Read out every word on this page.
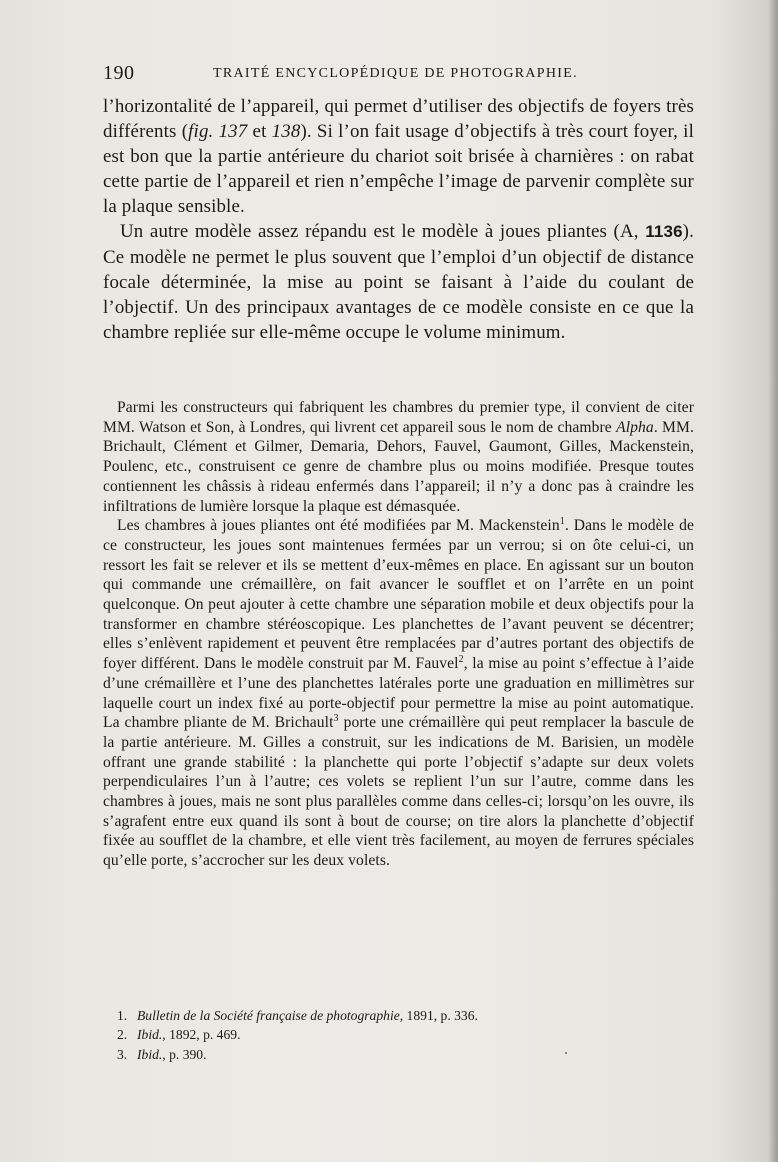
190	TRAITÉ ENCYCLOPÉDIQUE DE PHOTOGRAPHIE.

l’horizontalité de l’appareil, qui permet d’utiliser des objectifs de foyers très différents (fig. 137 et 138). Si l’on fait usage d’objectifs à très court foyer, il est bon que la partie antérieure du chariot soit brisée à charnières : on rabat cette partie de l’appareil et rien n’empêche l’image de parvenir complète sur la plaque sensible.

Un autre modèle assez répandu est le modèle à joues pliantes (A, 1136). Ce modèle ne permet le plus souvent que l’emploi d’un objectif de distance focale déterminée, la mise au point se faisant à l’aide du coulant de l’objectif. Un des principaux avantages de ce modèle consiste en ce que la chambre repliée sur elle-même occupe le volume minimum.

Parmi les constructeurs qui fabriquent les chambres du premier type, il convient de citer MM. Watson et Son, à Londres, qui livrent cet appareil sous le nom de chambre Alpha. MM. Brichault, Clément et Gilmer, Demaria, Dehors, Fauvel, Gaumont, Gilles, Mackenstein, Poulenc, etc., construisent ce genre de chambre plus ou moins modifiée. Presque toutes contiennent les châssis à rideau enfermés dans l’appareil; il n’y a donc pas à craindre les infiltrations de lumière lorsque la plaque est démasquée.

Les chambres à joues pliantes ont été modifiées par M. Mackenstein$^1$. Dans le modèle de ce constructeur, les joues sont maintenues fermées par un verrou; si on ôte celui-ci, un ressort les fait se relever et ils se mettent d’eux-mêmes en place. En agissant sur un bouton qui commande une crémaillère, on fait avancer le soufflet et on l’arrête en un point quelconque. On peut ajouter à cette chambre une séparation mobile et deux objectifs pour la transformer en chambre stéréoscopique. Les planchettes de l’avant peuvent se décentrer; elles s’enlèvent rapidement et peuvent être remplacées par d’autres portant des objectifs de foyer différent. Dans le modèle construit par M. Fauvel$^2$, la mise au point s’effectue à l’aide d’une crémaillère et l’une des planchettes latérales porte une graduation en millimètres sur laquelle court un index fixé au porte-objectif pour permettre la mise au point automatique. La chambre pliante de M. Brichault$^3$ porte une crémaillère qui peut remplacer la bascule de la partie antérieure. M. Gilles a construit, sur les indications de M. Barisien, un modèle offrant une grande stabilité : la planchette qui porte l’objectif s’adapte sur deux volets perpendiculaires l’un à l’autre; ces volets se replient l’un sur l’autre, comme dans les chambres à joues, mais ne sont plus parallèles comme dans celles-ci; lorsqu’on les ouvre, ils s’agrafent entre eux quand ils sont à bout de course; on tire alors la planchette d’objectif fixée au soufflet de la chambre, et elle vient très facilement, au moyen de ferrures spéciales qu’elle porte, s’accrocher sur les deux volets.

1. Bulletin de la Société française de photographie, 1891, p. 336.
2. Ibid., 1892, p. 469.
3. Ibid., p. 390.
